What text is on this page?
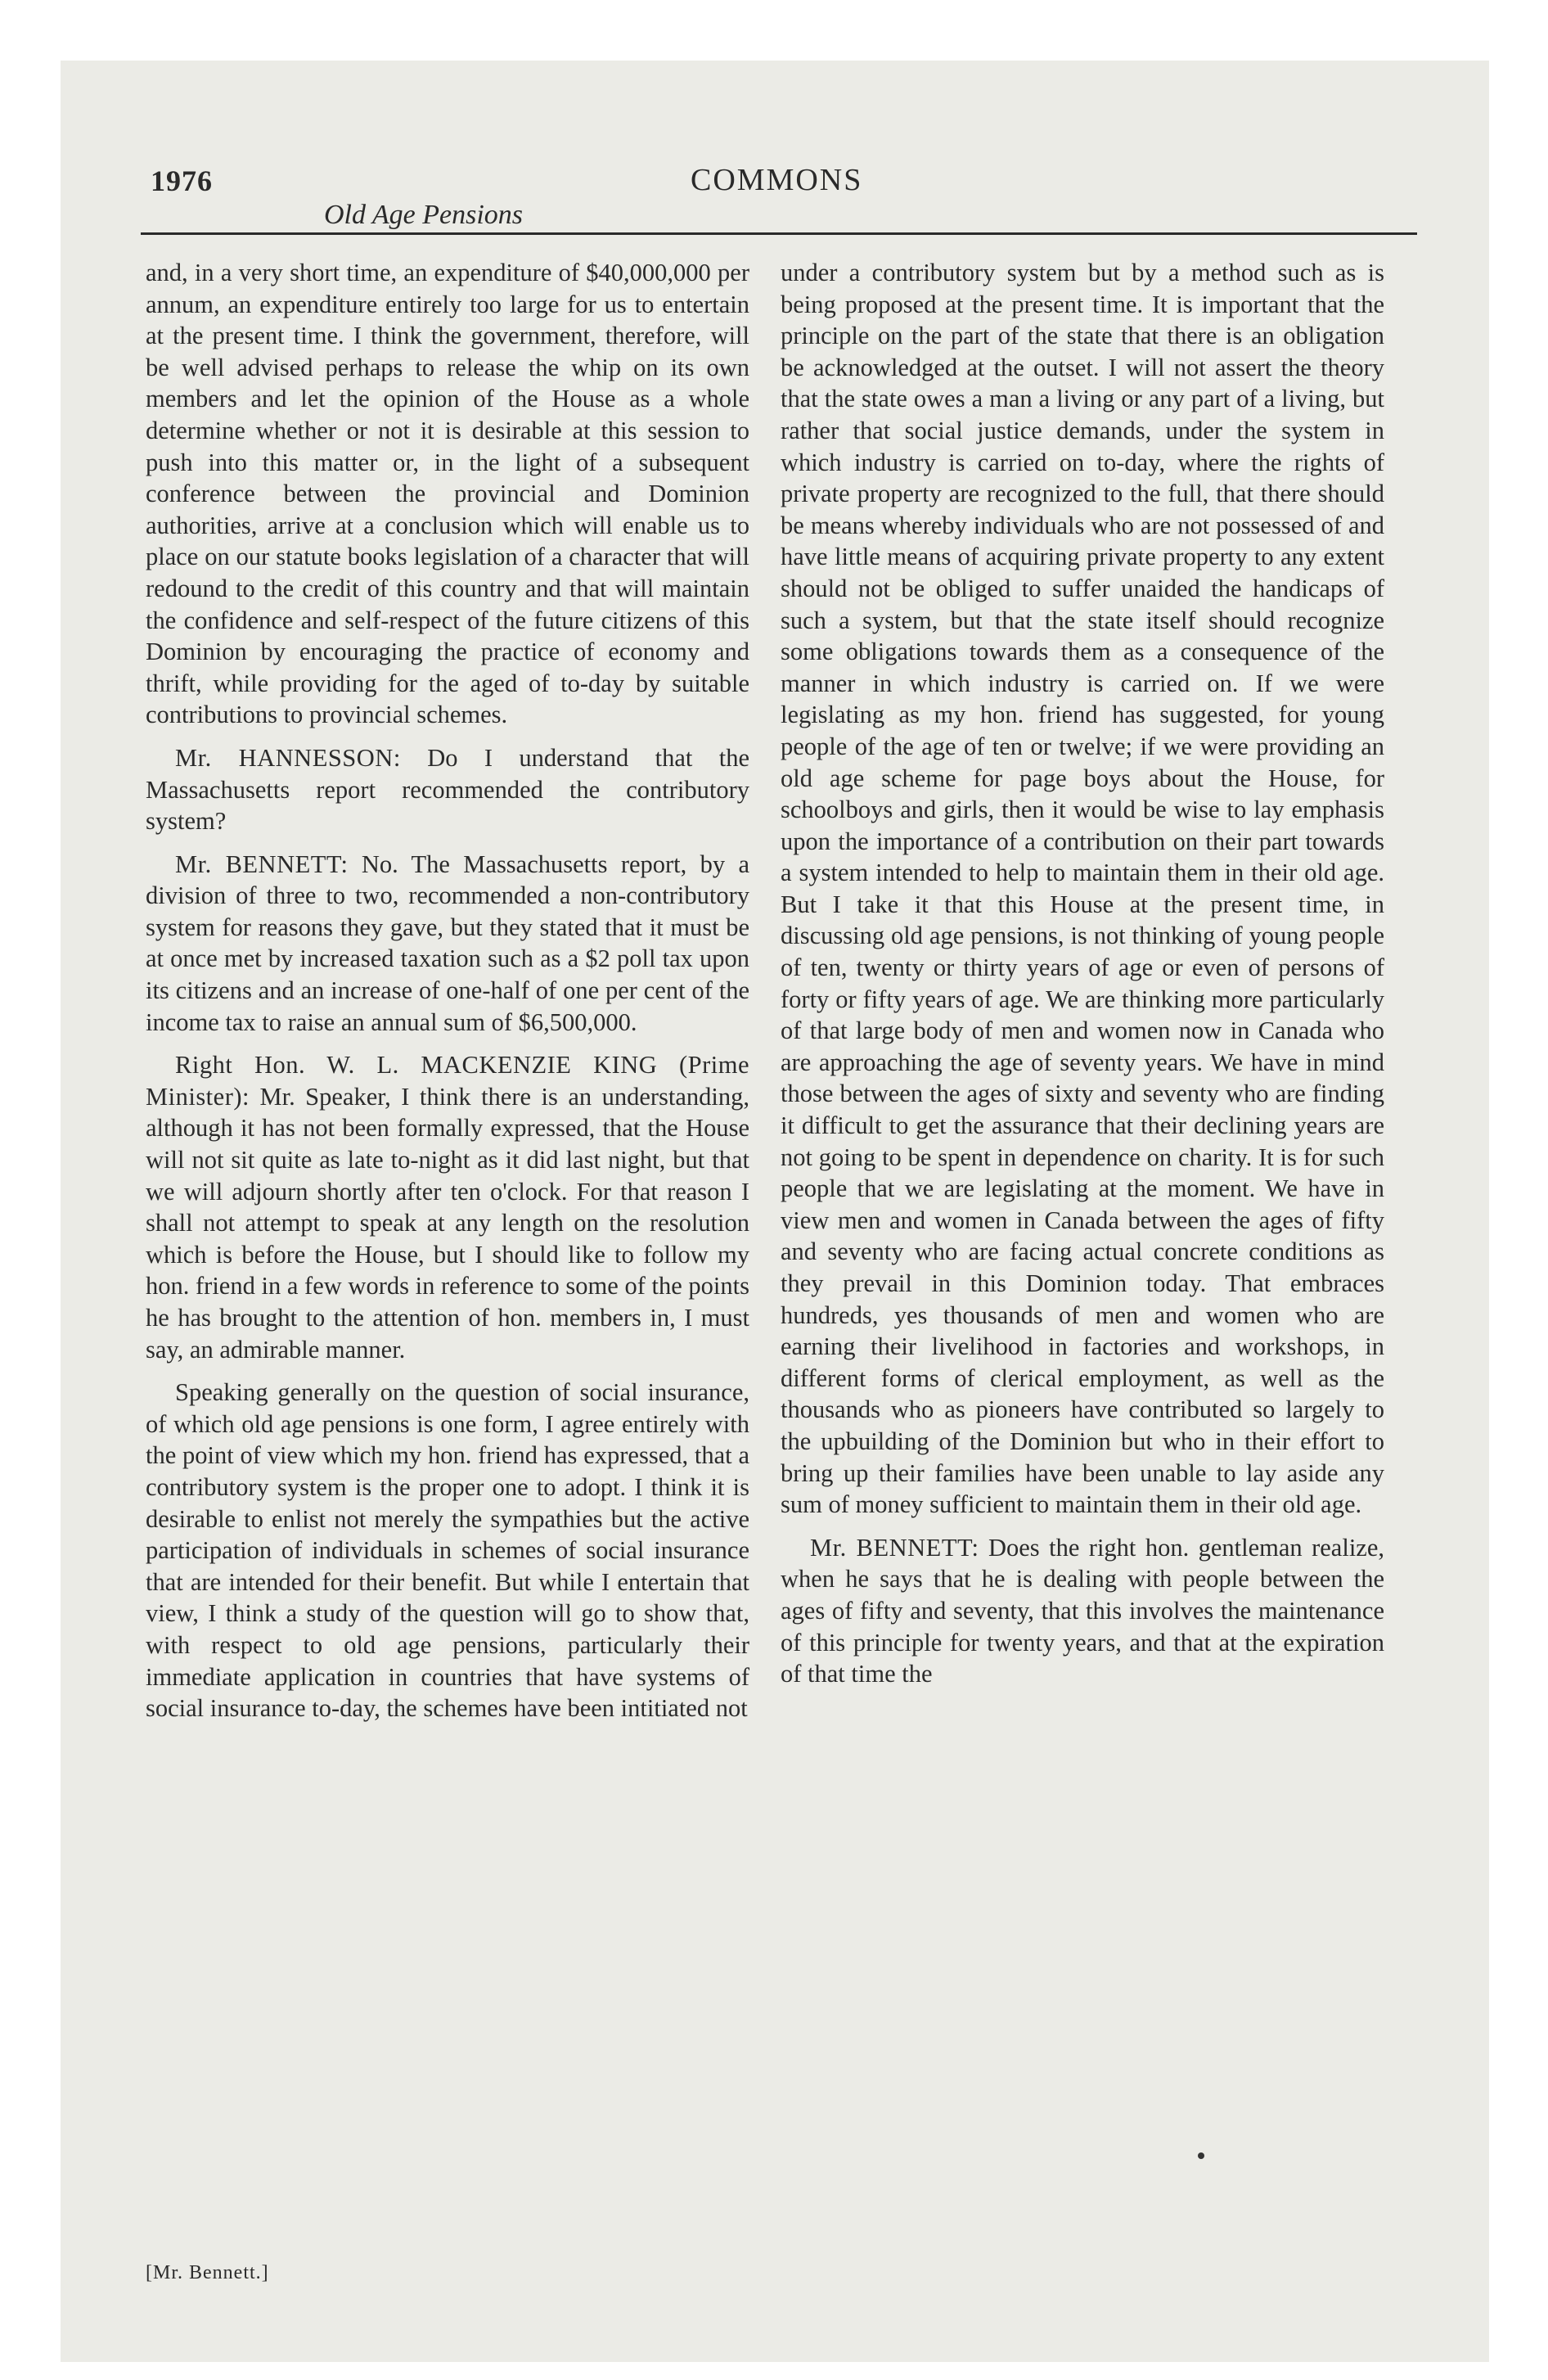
1976	COMMONS
Old Age Pensions

and, in a very short time, an expenditure of $40,000,000 per annum, an expenditure entirely too large for us to entertain at the present time. I think the government, therefore, will be well advised perhaps to release the whip on its own members and let the opinion of the House as a whole determine whether or not it is desirable at this session to push into this matter or, in the light of a subsequent conference between the provincial and Dominion authorities, arrive at a conclusion which will enable us to place on our statute books legislation of a character that will redound to the credit of this country and that will maintain the confidence and self-respect of the future citizens of this Dominion by encouraging the practice of economy and thrift, while providing for the aged of to-day by suitable contributions to provincial schemes.

Mr. HANNESSON: Do I understand that the Massachusetts report recommended the contributory system?

Mr. BENNETT: No. The Massachusetts report, by a division of three to two, recommended a non-contributory system for reasons they gave, but they stated that it must be at once met by increased taxation such as a $2 poll tax upon its citizens and an increase of one-half of one per cent of the income tax to raise an annual sum of $6,500,000.

Right Hon. W. L. MACKENZIE KING (Prime Minister): Mr. Speaker, I think there is an understanding, although it has not been formally expressed, that the House will not sit quite as late to-night as it did last night, but that we will adjourn shortly after ten o'clock. For that reason I shall not attempt to speak at any length on the resolution which is before the House, but I should like to follow my hon. friend in a few words in reference to some of the points he has brought to the attention of hon. members in, I must say, an admirable manner.

Speaking generally on the question of social insurance, of which old age pensions is one form, I agree entirely with the point of view which my hon. friend has expressed, that a contributory system is the proper one to adopt. I think it is desirable to enlist not merely the sympathies but the active participation of individuals in schemes of social insurance that are intended for their benefit. But while I entertain that view, I think a study of the question will go to show that, with respect to old age pensions, particularly their immediate application in countries that have systems of social insurance to-day, the schemes have been intitiated not

under a contributory system but by a method such as is being proposed at the present time. It is important that the principle on the part of the state that there is an obligation be acknowledged at the outset. I will not assert the theory that the state owes a man a living or any part of a living, but rather that social justice demands, under the system in which industry is carried on to-day, where the rights of private property are recognized to the full, that there should be means whereby individuals who are not possessed of and have little means of acquiring private property to any extent should not be obliged to suffer unaided the handicaps of such a system, but that the state itself should recognize some obligations towards them as a consequence of the manner in which industry is carried on. If we were legislating as my hon. friend has suggested, for young people of the age of ten or twelve; if we were providing an old age scheme for page boys about the House, for schoolboys and girls, then it would be wise to lay emphasis upon the importance of a contribution on their part towards a system intended to help to maintain them in their old age. But I take it that this House at the present time, in discussing old age pensions, is not thinking of young people of ten, twenty or thirty years of age or even of persons of forty or fifty years of age. We are thinking more particularly of that large body of men and women now in Canada who are approaching the age of seventy years. We have in mind those between the ages of sixty and seventy who are finding it difficult to get the assurance that their declining years are not going to be spent in dependence on charity. It is for such people that we are legislating at the moment. We have in view men and women in Canada between the ages of fifty and seventy who are facing actual concrete conditions as they prevail in this Dominion today. That embraces hundreds, yes thousands of men and women who are earning their livelihood in factories and workshops, in different forms of clerical employment, as well as the thousands who as pioneers have contributed so largely to the upbuilding of the Dominion but who in their effort to bring up their families have been unable to lay aside any sum of money sufficient to maintain them in their old age.

Mr. BENNETT: Does the right hon. gentleman realize, when he says that he is dealing with people between the ages of fifty and seventy, that this involves the maintenance of this principle for twenty years, and that at the expiration of that time the

[Mr. Bennett.]
